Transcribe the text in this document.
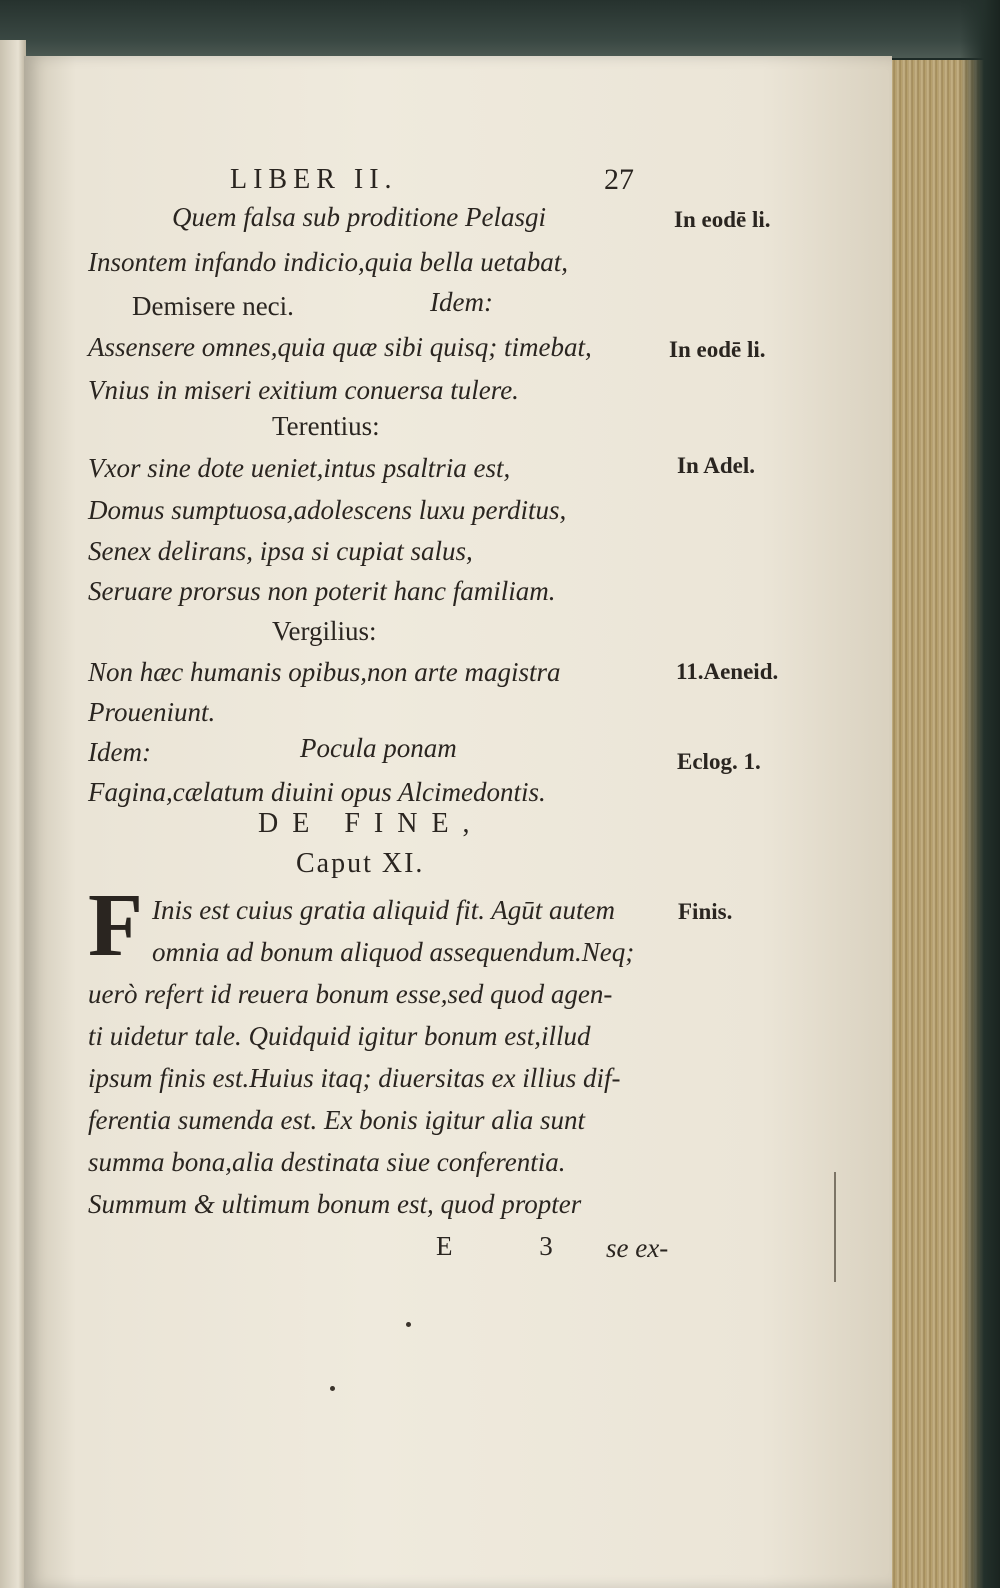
LIBER II.	27
Quem falsa sub proditione Pelasgi
Insontem infando indicio,quia bella uetabat,
Demisere neci.	Idem:
Assensere omnes,quia quæ sibi quisq; timebat,
Vnius in miseri exitium conuersa tulere.
Terentius:
Vxor sine dote ueniet,intus psaltria est,
Domus sumptuosa,adolescens luxu perditus,
Senex delirans, ipsa si cupiat salus,
Seruare prorsus non poterit hanc familiam.
Vergilius:
Non hæc humanis opibus,non arte magistra
Proueniunt.
Idem:	Pocula ponam
Fagina,cælatum diuini opus Alcimedontis.
DE FINE,
Caput XI.
F Inis est cuius gratia aliquid fit. Agūt autem
omnia ad bonum aliquod assequendum.Neq;
uerò refert id reuera bonum esse,sed quod agen-
ti uidetur tale. Quidquid igitur bonum est,illud
ipsum finis est.Huius itaq; diuersitas ex illius dif-
ferentia sumenda est. Ex bonis igitur alia sunt
summa bona,alia destinata siue conferentia.
Summum & ultimum bonum est, quod propter
E 3 se ex-
In eodē li.
In eodē li.
In Adel.
11.Aeneid.
Eclog. 1.
Finis.
